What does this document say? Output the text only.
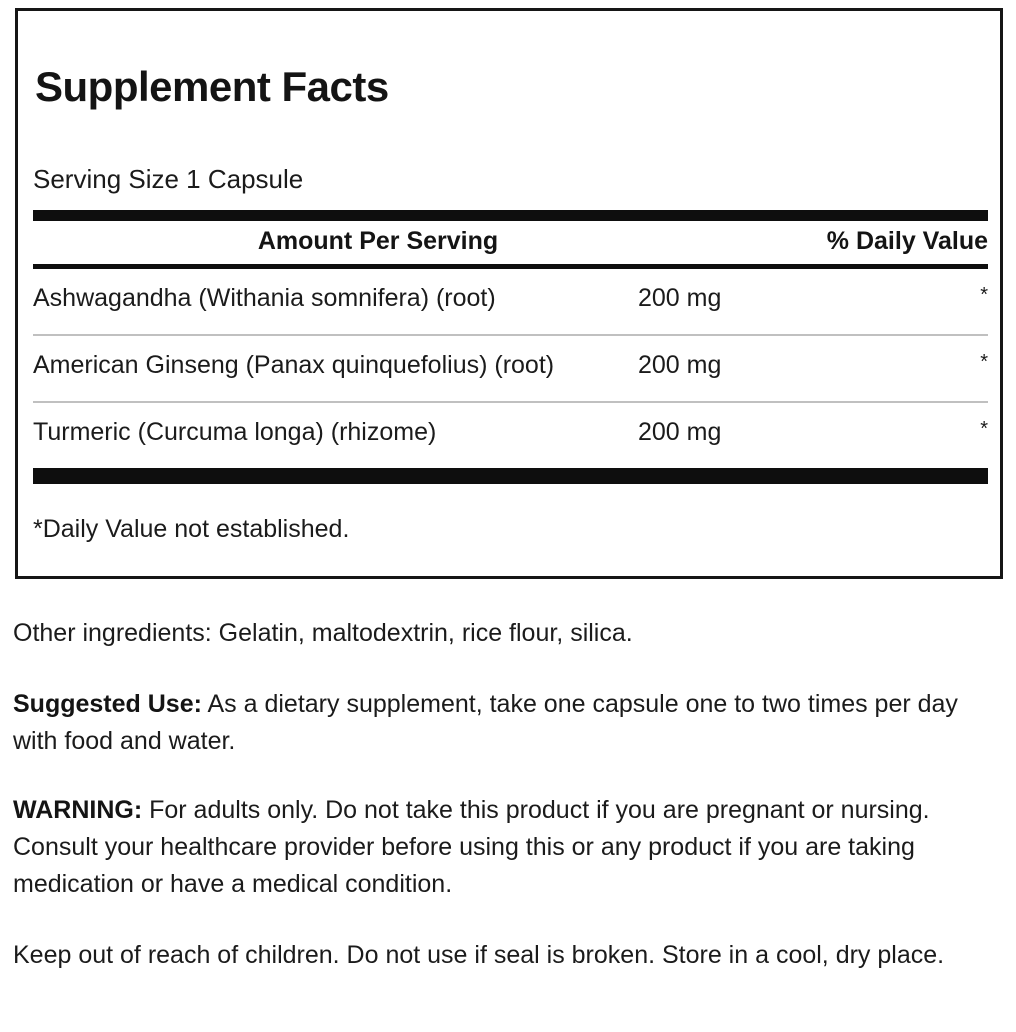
Supplement Facts
Serving Size 1 Capsule
Amount Per Serving	% Daily Value
Ashwagandha (Withania somnifera) (root)	200 mg	*
American Ginseng (Panax quinquefolius) (root)	200 mg	*
Turmeric (Curcuma longa) (rhizome)	200 mg	*
*Daily Value not established.

Other ingredients: Gelatin, maltodextrin, rice flour, silica.

Suggested Use: As a dietary supplement, take one capsule one to two times per day with food and water.

WARNING: For adults only. Do not take this product if you are pregnant or nursing. Consult your healthcare provider before using this or any product if you are taking medication or have a medical condition.

Keep out of reach of children. Do not use if seal is broken. Store in a cool, dry place.
